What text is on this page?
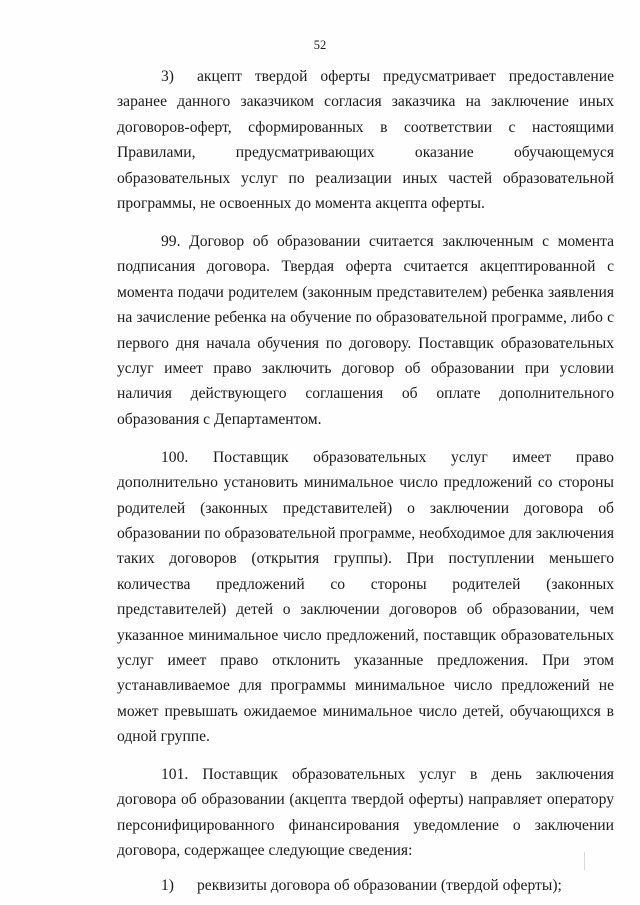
52

3) акцепт твердой оферты предусматривает предоставление заранее данного заказчиком согласия заказчика на заключение иных договоров-оферт, сформированных в соответствии с настоящими Правилами, предусматривающих оказание обучающемуся образовательных услуг по реализации иных частей образовательной программы, не освоенных до момента акцепта оферты.

99. Договор об образовании считается заключенным с момента подписания договора. Твердая оферта считается акцептированной с момента подачи родителем (законным представителем) ребенка заявления на зачисление ребенка на обучение по образовательной программе, либо с первого дня начала обучения по договору. Поставщик образовательных услуг имеет право заключить договор об образовании при условии наличия действующего соглашения об оплате дополнительного образования с Департаментом.

100. Поставщик образовательных услуг имеет право дополнительно установить минимальное число предложений со стороны родителей (законных представителей) о заключении договора об образовании по образовательной программе, необходимое для заключения таких договоров (открытия группы). При поступлении меньшего количества предложений со стороны родителей (законных представителей) детей о заключении договоров об образовании, чем указанное минимальное число предложений, поставщик образовательных услуг имеет право отклонить указанные предложения. При этом устанавливаемое для программы минимальное число предложений не может превышать ожидаемое минимальное число детей, обучающихся в одной группе.

101. Поставщик образовательных услуг в день заключения договора об образовании (акцепта твердой оферты) направляет оператору персонифицированного финансирования уведомление о заключении договора, содержащее следующие сведения:

1) реквизиты договора об образовании (твердой оферты);
